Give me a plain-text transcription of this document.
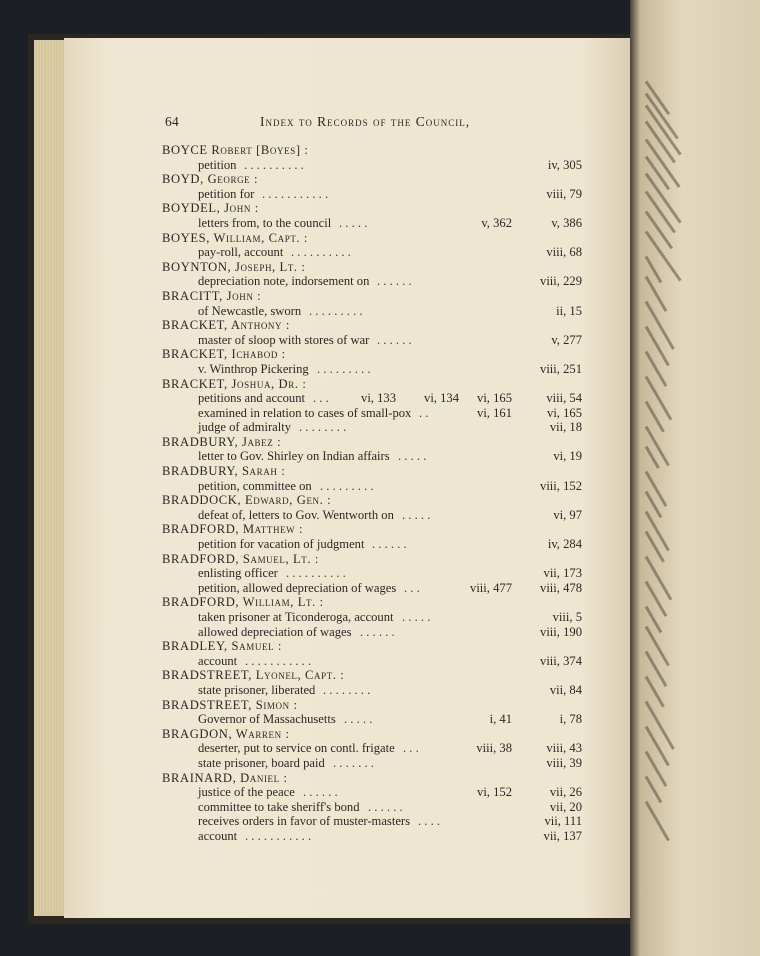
64	Index to Records of the Council,
BOYCE Robert [Boyes] :
petition . . . . . . . . . .	iv, 305
BOYD, George :
petition for . . . . . . . . . . .	viii, 79
BOYDEL, John :
letters from, to the council . . . . .	v, 362	v, 386
BOYES, William, Capt. :
pay-roll, account . . . . . . . . . .	viii, 68
BOYNTON, Joseph, Lt. :
depreciation note, indorsement on . . . . . .	viii, 229
BRACITT, John :
of Newcastle, sworn . . . . . . . . .	ii, 15
BRACKET, Anthony :
master of sloop with stores of war . . . . . .	v, 277
BRACKET, Ichabod :
v. Winthrop Pickering . . . . . . . . .	viii, 251
BRACKET, Joshua, Dr. :
petitions and account . . .	vi, 133	vi, 134	vi, 165	viii, 54
examined in relation to cases of small-pox . .	vi, 161	vi, 165
judge of admiralty . . . . . . . .	vii, 18
BRADBURY, Jabez :
letter to Gov. Shirley on Indian affairs . . . . .	vi, 19
BRADBURY, Sarah :
petition, committee on . . . . . . . . .	viii, 152
BRADDOCK, Edward, Gen. :
defeat of, letters to Gov. Wentworth on . . . . .	vi, 97
BRADFORD, Matthew :
petition for vacation of judgment . . . . . .	iv, 284
BRADFORD, Samuel, Lt. :
enlisting officer . . . . . . . . . .	vii, 173
petition, allowed depreciation of wages . . .	viii, 477	viii, 478
BRADFORD, William, Lt. :
taken prisoner at Ticonderoga, account . . . . .	viii, 5
allowed depreciation of wages . . . . . .	viii, 190
BRADLEY, Samuel :
account . . . . . . . . . . .	viii, 374
BRADSTREET, Lyonel, Capt. :
state prisoner, liberated . . . . . . . .	vii, 84
BRADSTREET, Simon :
Governor of Massachusetts . . . . .	i, 41	i, 78
BRAGDON, Warren :
deserter, put to service on contl. frigate . . .	viii, 38	viii, 43
state prisoner, board paid . . . . . . .	viii, 39
BRAINARD, Daniel :
justice of the peace . . . . . .	vi, 152	vii, 26
committee to take sheriff's bond . . . . . .	vii, 20
receives orders in favor of muster-masters . . . .	vii, 111
account . . . . . . . . . . .	vii, 137
